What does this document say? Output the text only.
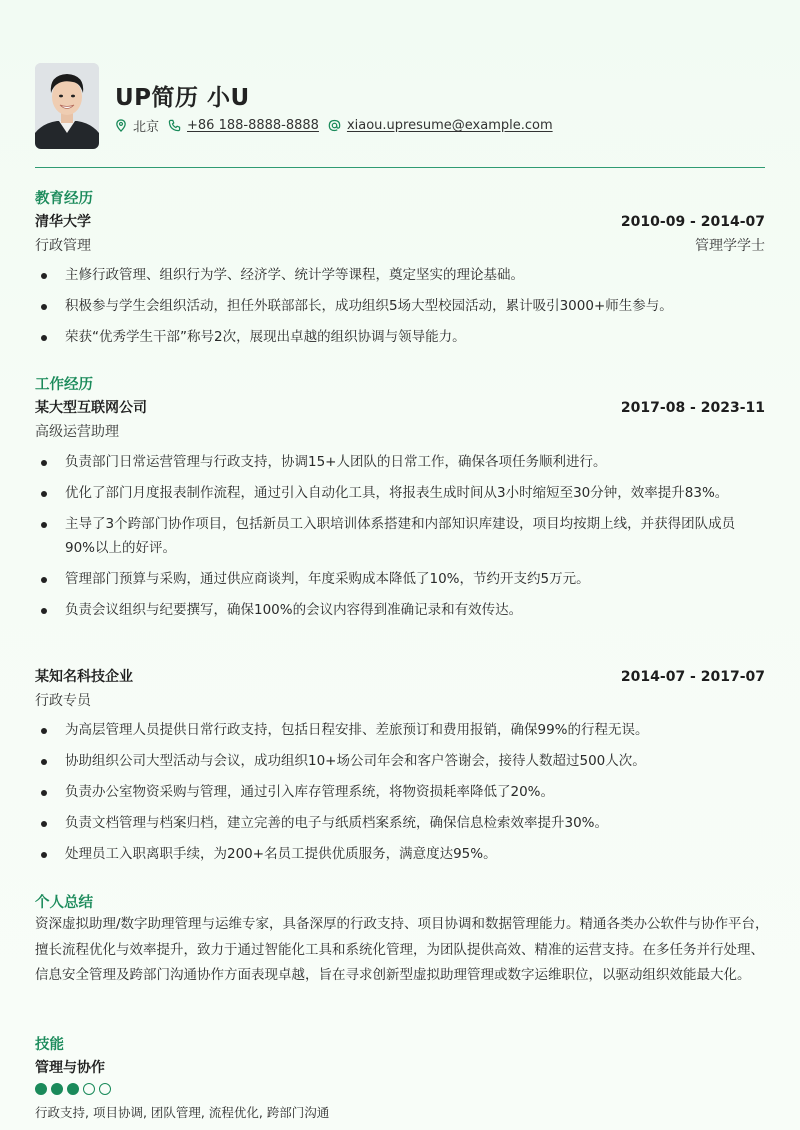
UP简历 小U
北京 +86 188-8888-8888 xiaou.upresume@example.com
教育经历
清华大学	2010-09 - 2014-07
行政管理	管理学学士
主修行政管理、组织行为学、经济学、统计学等课程，奠定坚实的理论基础。
积极参与学生会组织活动，担任外联部部长，成功组织5场大型校园活动，累计吸引3000+师生参与。
荣获“优秀学生干部”称号2次，展现出卓越的组织协调与领导能力。
工作经历
某大型互联网公司	2017-08 - 2023-11
高级运营助理
负责部门日常运营管理与行政支持，协调15+人团队的日常工作，确保各项任务顺利进行。
优化了部门月度报表制作流程，通过引入自动化工具，将报表生成时间从3小时缩短至30分钟，效率提升83%。
主导了3个跨部门协作项目，包括新员工入职培训体系搭建和内部知识库建设，项目均按期上线，并获得团队成员90%以上的好评。
管理部门预算与采购，通过供应商谈判，年度采购成本降低了10%，节约开支约5万元。
负责会议组织与纪要撰写，确保100%的会议内容得到准确记录和有效传达。
某知名科技企业	2014-07 - 2017-07
行政专员
为高层管理人员提供日常行政支持，包括日程安排、差旅预订和费用报销，确保99%的行程无误。
协助组织公司大型活动与会议，成功组织10+场公司年会和客户答谢会，接待人数超过500人次。
负责办公室物资采购与管理，通过引入库存管理系统，将物资损耗率降低了20%。
负责文档管理与档案归档，建立完善的电子与纸质档案系统，确保信息检索效率提升30%。
处理员工入职离职手续，为200+名员工提供优质服务，满意度达95%。
个人总结
资深虚拟助理/数字助理管理与运维专家，具备深厚的行政支持、项目协调和数据管理能力。精通各类办公软件与协作平台，擅长流程优化与效率提升，致力于通过智能化工具和系统化管理，为团队提供高效、精准的运营支持。在多任务并行处理、信息安全管理及跨部门沟通协作方面表现卓越，旨在寻求创新型虚拟助理管理或数字运维职位，以驱动组织效能最大化。
技能
管理与协作
行政支持, 项目协调, 团队管理, 流程优化, 跨部门沟通
